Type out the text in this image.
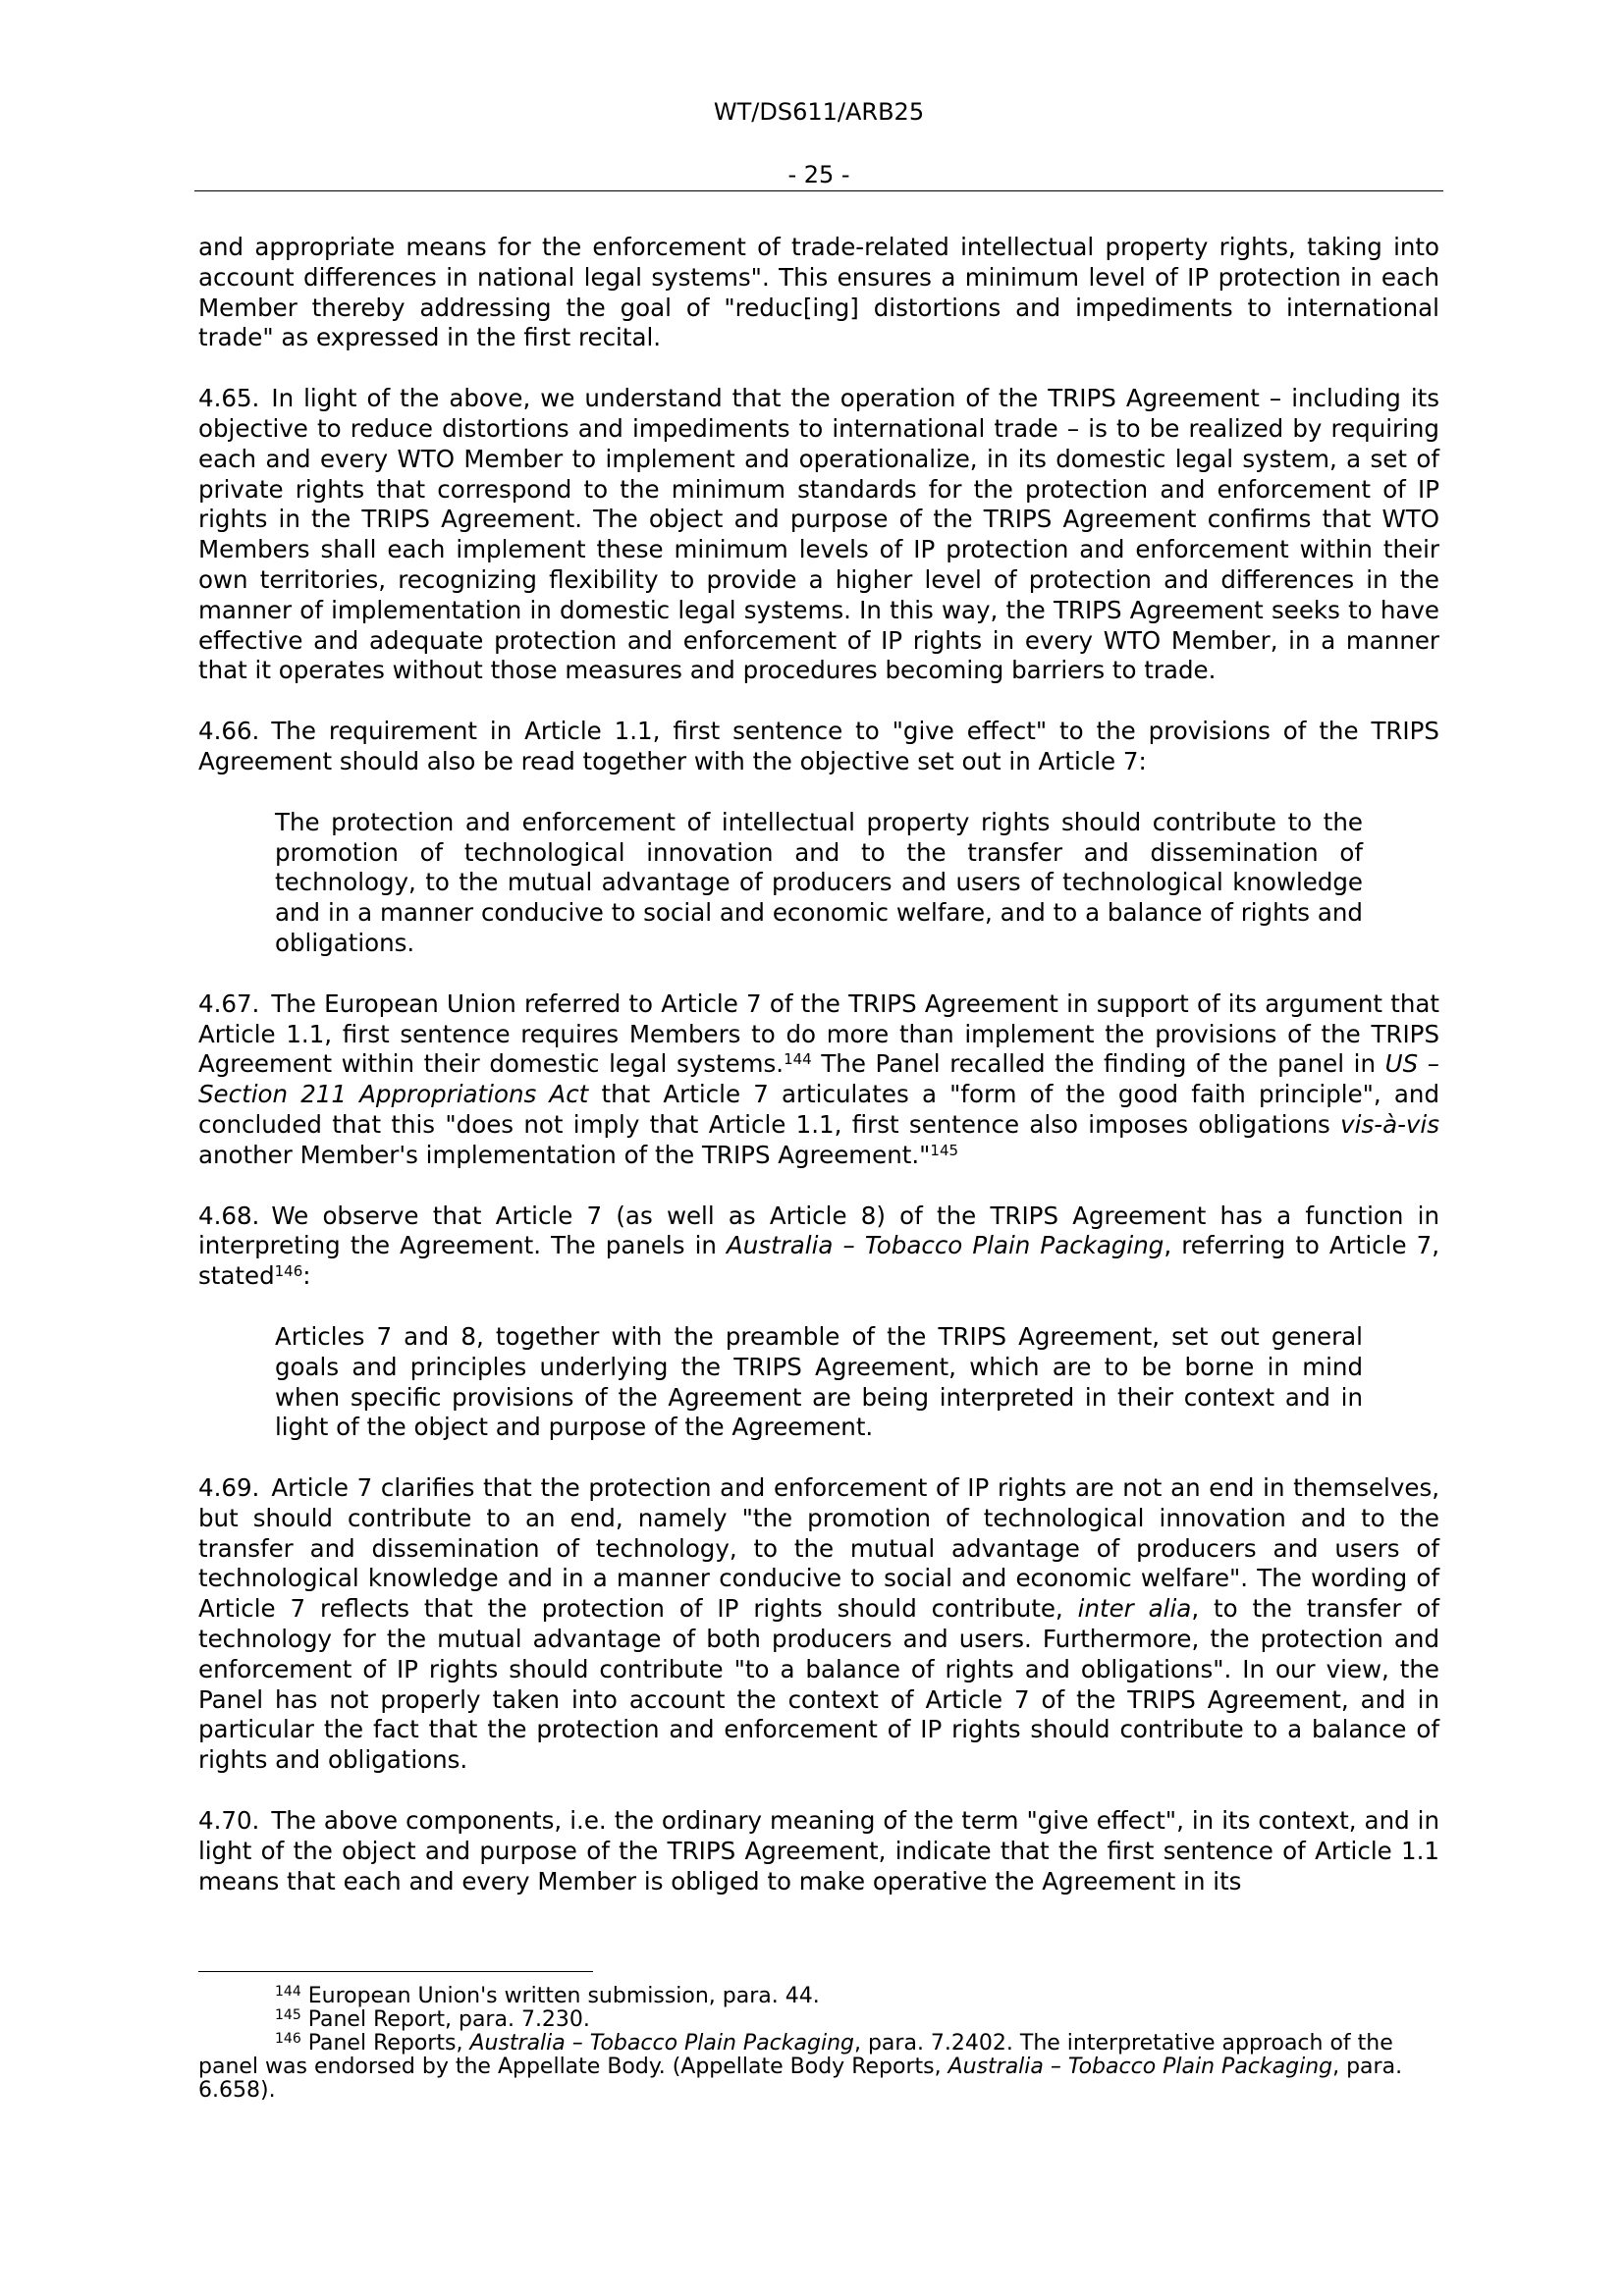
WT/DS611/ARB25
- 25 -

and appropriate means for the enforcement of trade-related intellectual property rights, taking into account differences in national legal systems". This ensures a minimum level of IP protection in each Member thereby addressing the goal of "reduc[ing] distortions and impediments to international trade" as expressed in the first recital.

4.65. In light of the above, we understand that the operation of the TRIPS Agreement – including its objective to reduce distortions and impediments to international trade – is to be realized by requiring each and every WTO Member to implement and operationalize, in its domestic legal system, a set of private rights that correspond to the minimum standards for the protection and enforcement of IP rights in the TRIPS Agreement. The object and purpose of the TRIPS Agreement confirms that WTO Members shall each implement these minimum levels of IP protection and enforcement within their own territories, recognizing flexibility to provide a higher level of protection and differences in the manner of implementation in domestic legal systems. In this way, the TRIPS Agreement seeks to have effective and adequate protection and enforcement of IP rights in every WTO Member, in a manner that it operates without those measures and procedures becoming barriers to trade.

4.66. The requirement in Article 1.1, first sentence to "give effect" to the provisions of the TRIPS Agreement should also be read together with the objective set out in Article 7:

The protection and enforcement of intellectual property rights should contribute to the promotion of technological innovation and to the transfer and dissemination of technology, to the mutual advantage of producers and users of technological knowledge and in a manner conducive to social and economic welfare, and to a balance of rights and obligations.

4.67. The European Union referred to Article 7 of the TRIPS Agreement in support of its argument that Article 1.1, first sentence requires Members to do more than implement the provisions of the TRIPS Agreement within their domestic legal systems.$^{144}$ The Panel recalled the finding of the panel in US – Section 211 Appropriations Act that Article 7 articulates a "form of the good faith principle", and concluded that this "does not imply that Article 1.1, first sentence also imposes obligations vis-à-vis another Member's implementation of the TRIPS Agreement."$^{145}$

4.68. We observe that Article 7 (as well as Article 8) of the TRIPS Agreement has a function in interpreting the Agreement. The panels in Australia – Tobacco Plain Packaging, referring to Article 7, stated$^{146}$:

Articles 7 and 8, together with the preamble of the TRIPS Agreement, set out general goals and principles underlying the TRIPS Agreement, which are to be borne in mind when specific provisions of the Agreement are being interpreted in their context and in light of the object and purpose of the Agreement.

4.69. Article 7 clarifies that the protection and enforcement of IP rights are not an end in themselves, but should contribute to an end, namely "the promotion of technological innovation and to the transfer and dissemination of technology, to the mutual advantage of producers and users of technological knowledge and in a manner conducive to social and economic welfare". The wording of Article 7 reflects that the protection of IP rights should contribute, inter alia, to the transfer of technology for the mutual advantage of both producers and users. Furthermore, the protection and enforcement of IP rights should contribute "to a balance of rights and obligations". In our view, the Panel has not properly taken into account the context of Article 7 of the TRIPS Agreement, and in particular the fact that the protection and enforcement of IP rights should contribute to a balance of rights and obligations.

4.70. The above components, i.e. the ordinary meaning of the term "give effect", in its context, and in light of the object and purpose of the TRIPS Agreement, indicate that the first sentence of Article 1.1 means that each and every Member is obliged to make operative the Agreement in its

$^{144}$ European Union's written submission, para. 44.

$^{145}$ Panel Report, para. 7.230.

$^{146}$ Panel Reports, Australia – Tobacco Plain Packaging, para. 7.2402. The interpretative approach of the panel was endorsed by the Appellate Body. (Appellate Body Reports, Australia – Tobacco Plain Packaging, para. 6.658).
